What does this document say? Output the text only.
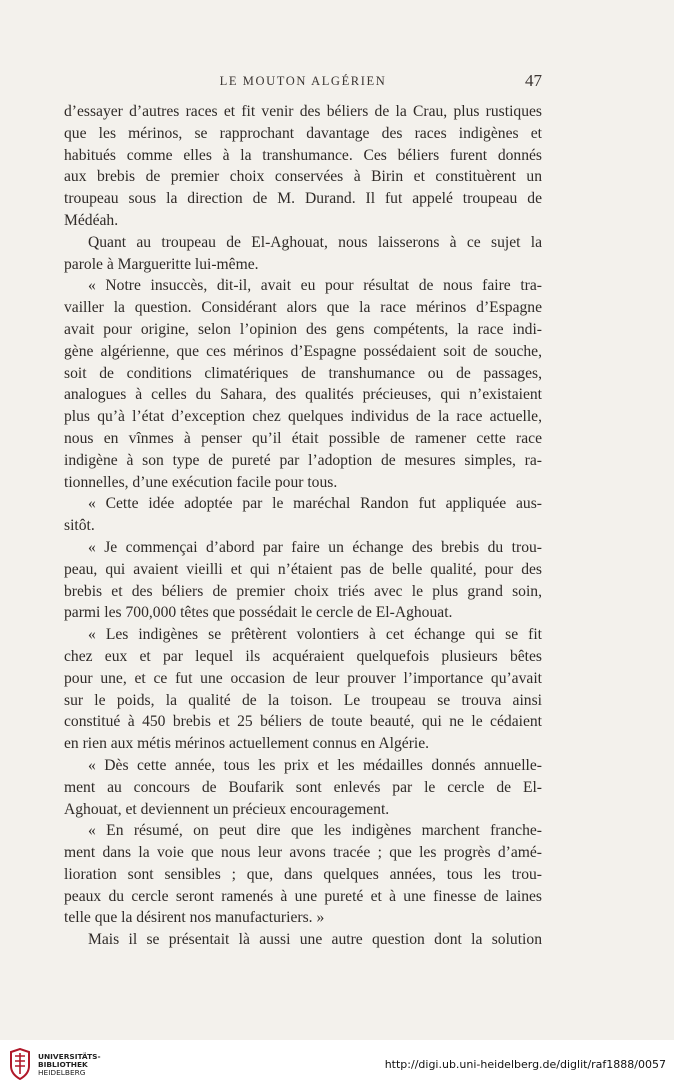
LE MOUTON ALGÉRIEN	47
d’essayer d’autres races et fit venir des béliers de la Crau, plus rustiques
que les mérinos, se rapprochant davantage des races indigènes et
habitués comme elles à la transhumance. Ces béliers furent donnés
aux brebis de premier choix conservées à Birin et constituèrent un
troupeau sous la direction de M. Durand. Il fut appelé troupeau de
Médéah.
Quant au troupeau de El-Aghouat, nous laisserons à ce sujet la
parole à Margueritte lui-même.
« Notre insuccès, dit-il, avait eu pour résultat de nous faire tra-
vailler la question. Considérant alors que la race mérinos d’Espagne
avait pour origine, selon l’opinion des gens compétents, la race indi-
gène algérienne, que ces mérinos d’Espagne possédaient soit de souche,
soit de conditions climatériques de transhumance ou de passages,
analogues à celles du Sahara, des qualités précieuses, qui n’existaient
plus qu’à l’état d’exception chez quelques individus de la race actuelle,
nous en vînmes à penser qu’il était possible de ramener cette race
indigène à son type de pureté par l’adoption de mesures simples, ra-
tionnelles, d’une exécution facile pour tous.
« Cette idée adoptée par le maréchal Randon fut appliquée aus-
sitôt.
« Je commençai d’abord par faire un échange des brebis du trou-
peau, qui avaient vieilli et qui n’étaient pas de belle qualité, pour des
brebis et des béliers de premier choix triés avec le plus grand soin,
parmi les 700,000 têtes que possédait le cercle de El-Aghouat.
« Les indigènes se prêtèrent volontiers à cet échange qui se fit
chez eux et par lequel ils acquéraient quelquefois plusieurs bêtes
pour une, et ce fut une occasion de leur prouver l’importance qu’avait
sur le poids, la qualité de la toison. Le troupeau se trouva ainsi
constitué à 450 brebis et 25 béliers de toute beauté, qui ne le cédaient
en rien aux métis mérinos actuellement connus en Algérie.
« Dès cette année, tous les prix et les médailles donnés annuelle-
ment au concours de Boufarik sont enlevés par le cercle de El-
Aghouat, et deviennent un précieux encouragement.
« En résumé, on peut dire que les indigènes marchent franche-
ment dans la voie que nous leur avons tracée ; que les progrès d’amé-
lioration sont sensibles ; que, dans quelques années, tous les trou-
peaux du cercle seront ramenés à une pureté et à une finesse de laines
telle que la désirent nos manufacturiers. »
Mais il se présentait là aussi une autre question dont la solution
UNIVERSITÄTS-
BIBLIOTHEK
HEIDELBERG
http://digi.ub.uni-heidelberg.de/diglit/raf1888/0057
